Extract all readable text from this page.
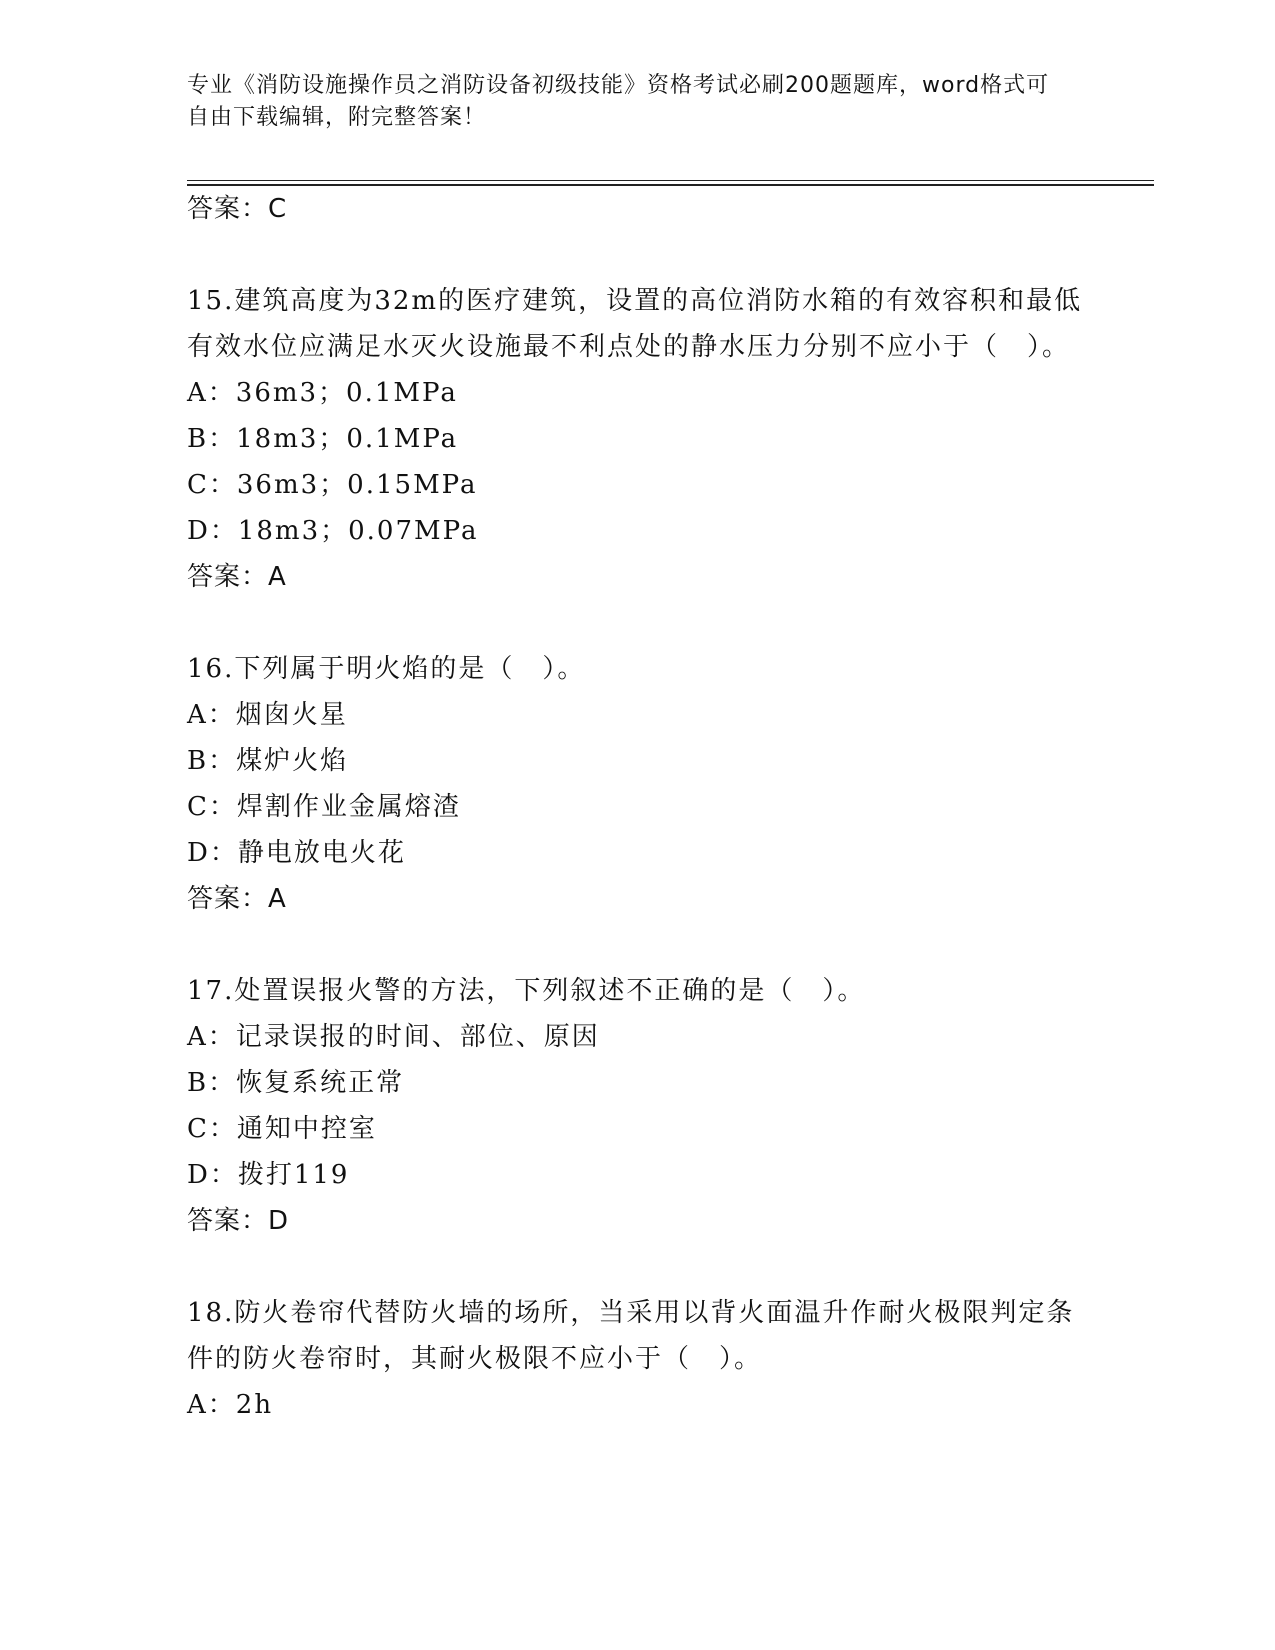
专业《消防设施操作员之消防设备初级技能》资格考试必刷200题题库，word格式可自由下载编辑，附完整答案！
答案：C
15.建筑高度为32m的医疗建筑，设置的高位消防水箱的有效容积和最低有效水位应满足水灭火设施最不利点处的静水压力分别不应小于（　）。
A：36m3；0.1MPa
B：18m3；0.1MPa
C：36m3；0.15MPa
D：18m3；0.07MPa
答案：A
16.下列属于明火焰的是（　）。
A：烟囱火星
B：煤炉火焰
C：焊割作业金属熔渣
D：静电放电火花
答案：A
17.处置误报火警的方法，下列叙述不正确的是（　）。
A：记录误报的时间、部位、原因
B：恢复系统正常
C：通知中控室
D：拨打119
答案：D
18.防火卷帘代替防火墙的场所，当采用以背火面温升作耐火极限判定条件的防火卷帘时，其耐火极限不应小于（　）。
A：2h
